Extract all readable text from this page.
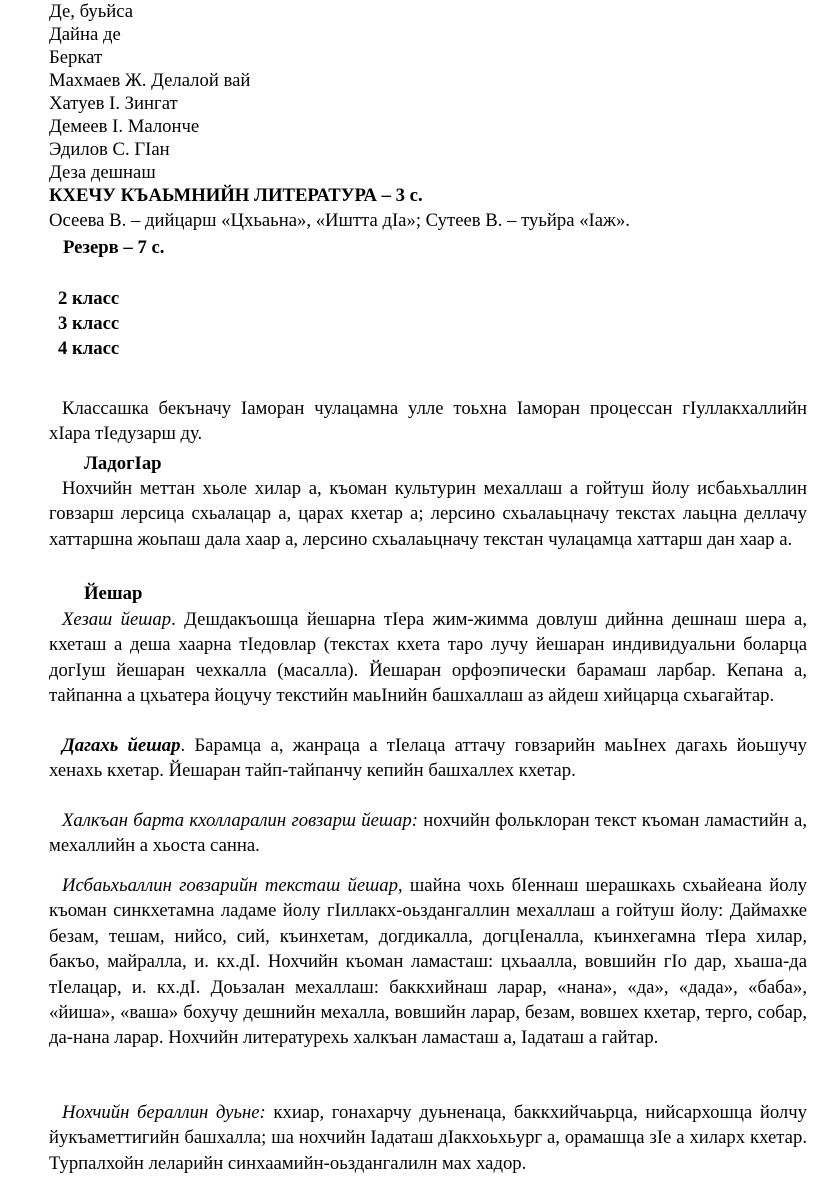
Де, буьйса
Дайна де
Беркат
Махмаев Ж. Делалой вай
Хатуев I. Зингат
Демеев I. Малонче
Эдилов С. ГIан
Деза дешнаш
КХЕЧУ КЪАЬМНИЙН ЛИТЕРАТУРА – 3 с.
Осеева В. – дийцарш «Цхьаьна», «Иштта дIа»; Сутеев В. – туьйра «Iаж».
Резерв – 7 с.
2 класс
3 класс
4 класс

Классашка бекъначу Iаморан чулацамна улле тоьхна Iаморан процессан гIуллакхаллийн хIара тIедузарш ду.

ЛадогIар

Нохчийн меттан хьоле хилар а, къоман культурин мехаллаш а гойтуш йолу исбаьхьаллин говзарш лерсица схьалацар а, царах кхетар а; лерсино схьалаьцначу текстах лаьцна деллачу хаттаршна жоьпаш дала хаар а, лерсино схьалаьцначу текстан чулацамца хаттарш дан хаар а.

Йешар

Хезаш йешар. Дешдакъошца йешарна тIера жим-жимма довлуш дийнна дешнаш шера а, кхеташ а деша хаарна тIедовлар (текстах кхета таро лучу йешаран индивидуальни боларца догIуш йешаран чехкалла (масалла). Йешаран орфоэпически барамаш ларбар. Кепана а, тайпанна а цхьатера йоцучу текстийн маьIнийн башхаллаш аз айдеш хийцарца схьагайтар.

Дагахь йешар. Барамца а, жанраца а тIелаца аттачу говзарийн маьIнех дагахь йоьшучу хенахь кхетар. Йешаран тайп-тайпанчу кепийн башхаллех кхетар.

Халкъан барта кхолларалин говзарш йешар: нохчийн фольклоран текст къоман ламастийн а, мехаллийн а хьоста санна.

Исбаьхьаллин говзарийн тексташ йешар, шайна чохь бIеннаш шерашкахь схьайеана йолу къоман синкхетамна ладаме йолу гIиллакх-оьздангаллин мехаллаш а гойтуш йолу: Даймахке безам, тешам, нийсо, сий, къинхетам, догдикалла, догцIеналла, къинхегамна тIера хилар, бакъо, майралла, и. кх.дI. Нохчийн къоман ламасташ: цхьаалла, вовшийн гIо дар, хьаша-да тIелацар, и. кх.дI. Доьзалан мехаллаш: баккхийнаш ларар, «нана», «да», «дада», «баба», «йиша», «ваша» бохучу дешнийн мехалла, вовшийн ларар, безам, вовшех кхетар, терго, собар, да-нана ларар. Нохчийн литературехь халкъан ламасташ а, Iадаташ а гайтар.

Нохчийн бераллин дуьне: кхиар, гонахарчу дуьненаца, баккхийчаьрца, нийсархошца йолчу йукъаметтигийн башхалла; ша нохчийн Iадаташ дIакхоьхьург а, орамашца зIе а хиларх кхетар. Турпалхойн леларийн синхаамийн-оьздангалилн мах хадор.
